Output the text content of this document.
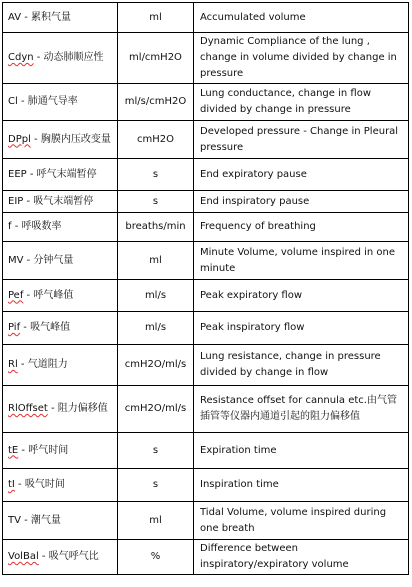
AV - 累积气量	ml	Accumulated volume
Cdyn - 动态肺顺应性	ml/cmH2O	Dynamic Compliance of the lung , change in volume divided by change in pressure
Cl - 肺通气导率	ml/s/cmH2O	Lung conductance, change in flow divided by change in pressure
DPpl - 胸膜内压改变量	cmH2O	Developed pressure - Change in Pleural pressure
EEP - 呼气末端暂停	s	End expiratory pause
EIP - 吸气末端暂停	s	End inspiratory pause
f - 呼吸数率	breaths/min	Frequency of breathing
MV - 分钟气量	ml	Minute Volume, volume inspired in one minute
Pef - 呼气峰值	ml/s	Peak expiratory flow
Pif - 吸气峰值	ml/s	Peak inspiratory flow
Rl - 气道阻力	cmH2O/ml/s	Lung resistance, change in pressure divided by change in flow
RlOffset - 阻力偏移值	cmH2O/ml/s	Resistance offset for cannula etc.由气管插管等仪器内通道引起的阻力偏移值
tE - 呼气时间	s	Expiration time
tI - 吸气时间	s	Inspiration time
TV - 潮气量	ml	Tidal Volume, volume inspired during one breath
VolBal - 吸气呼气比	%	Difference between inspiratory/expiratory volume
